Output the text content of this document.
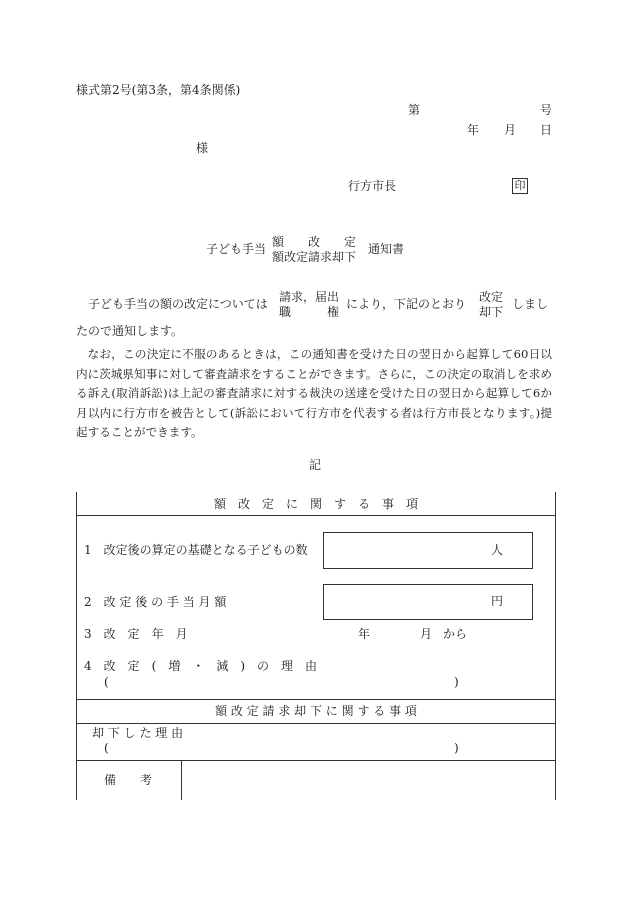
様式第2号(第3条，第4条関係)
第	号
年 月 日
様
行方市長	印
子ども手当 額　　改　　定
額改定請求却下
通知書
子ども手当の額の改定については 請求，届出
職　　　権
により，下記のとおり 改定
却下
しまし
たので通知します。
なお，この決定に不服のあるときは，この通知書を受けた日の翌日から起算して60日以内に茨城県知事に対して審査請求をすることができます。さらに，この決定の取消しを求める訴え(取消訴訟)は上記の審査請求に対する裁決の送達を受けた日の翌日から起算して6か月以内に行方市を被告として(訴訟において行方市を代表する者は行方市長となります。)提起することができます。
記
額　改　定　に　関　す　る　事　項
1　改定後の算定の基礎となる子どもの数	人
2　改 定 後 の 手 当 月 額	円
3　改　定　年　月	年	月 から
4　改　定　(　増　・　減　)　の　理　由
(	)
額 改 定 請 求 却 下 に 関 す る 事 項
却 下 し た 理 由
(	)
備　　考
